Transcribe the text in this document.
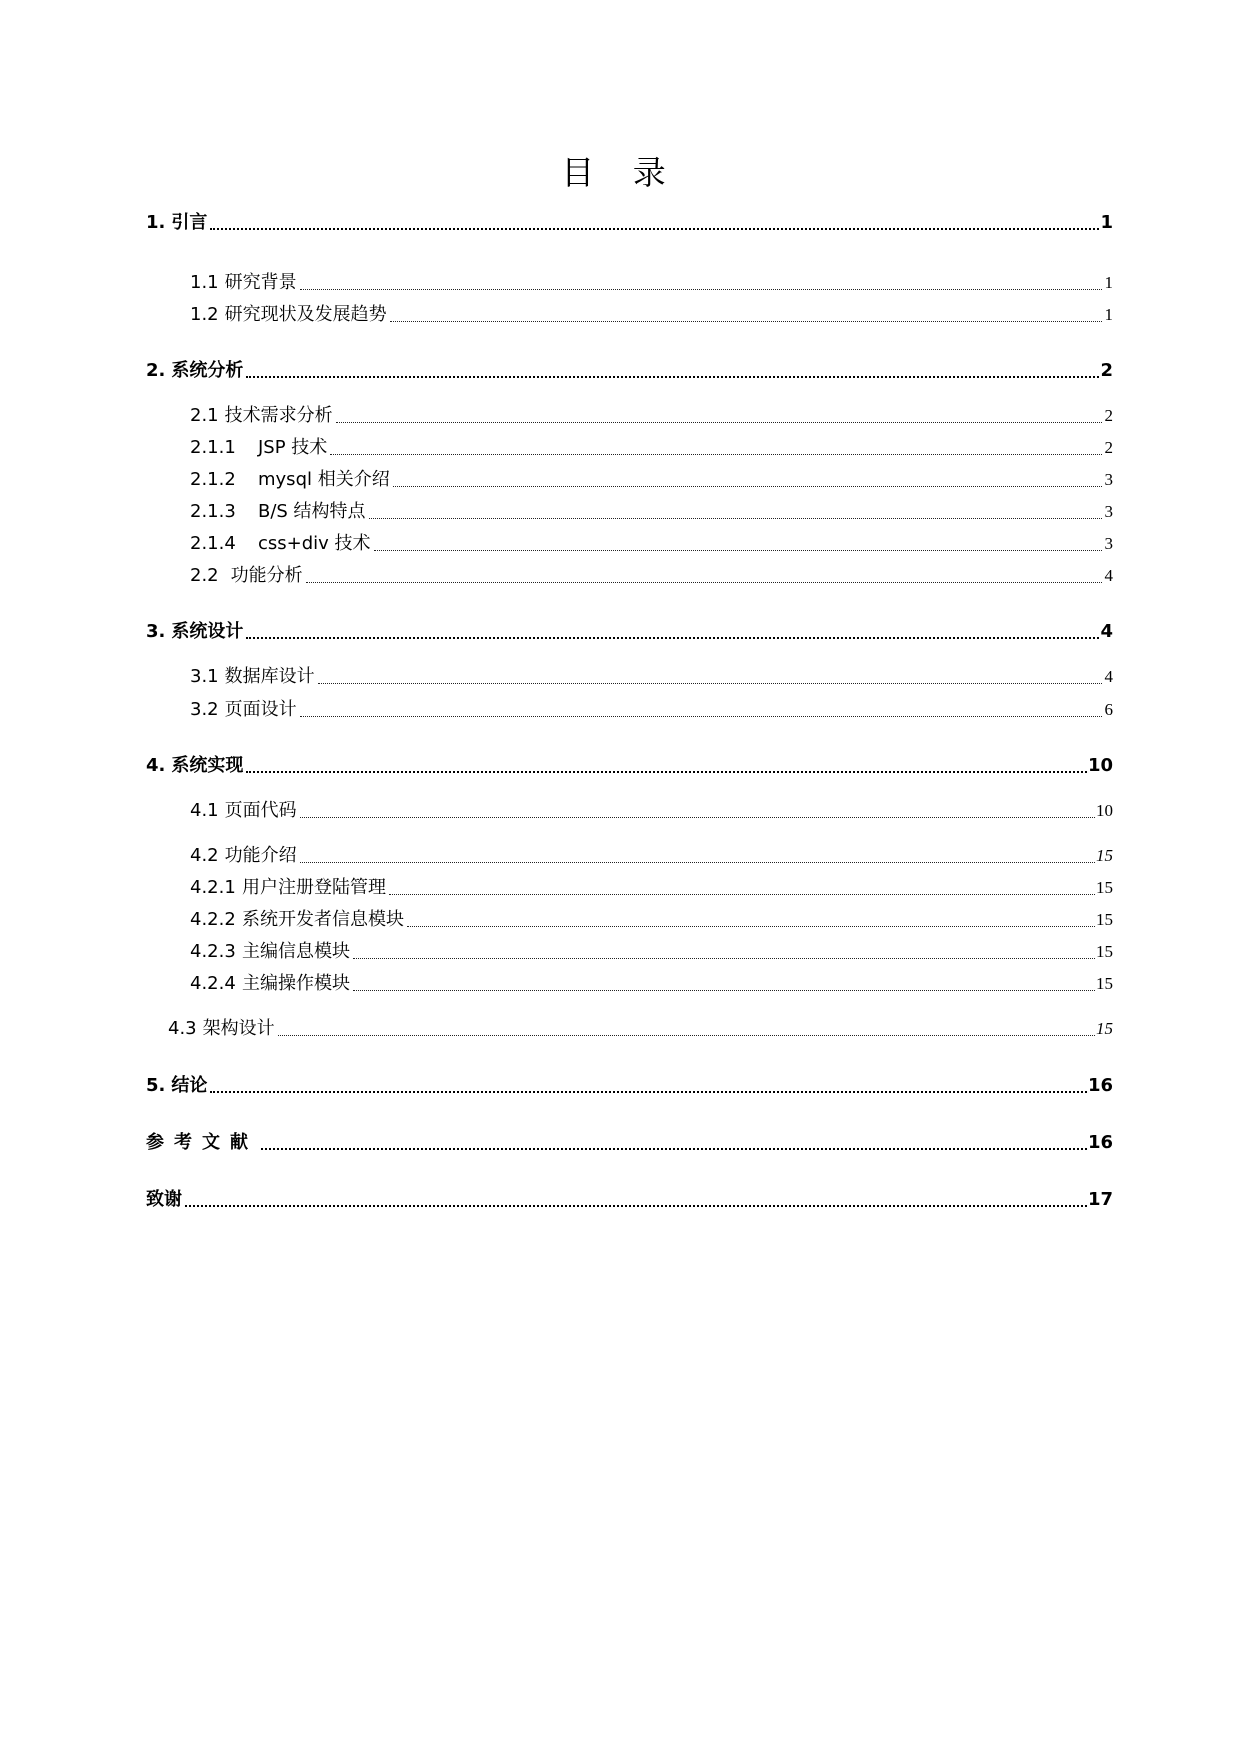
目 录
1. 引言	1
1.1 研究背景	1
1.2 研究现状及发展趋势	1
2. 系统分析	2
2.1 技术需求分析	2
2.1.1	JSP 技术	2
2.1.2	mysql 相关介绍	3
2.1.3	B/S 结构特点	3
2.1.4	css+div 技术	3
2.2 功能分析	4
3. 系统设计	4
3.1 数据库设计	4
3.2 页面设计	6
4. 系统实现	10
4.1 页面代码	10
4.2 功能介绍	15
4.2.1 用户注册登陆管理	15
4.2.2 系统开发者信息模块	15
4.2.3 主编信息模块	15
4.2.4 主编操作模块	15
4.3 架构设计	15
5. 结论	16
参考文献	16
致谢	17
